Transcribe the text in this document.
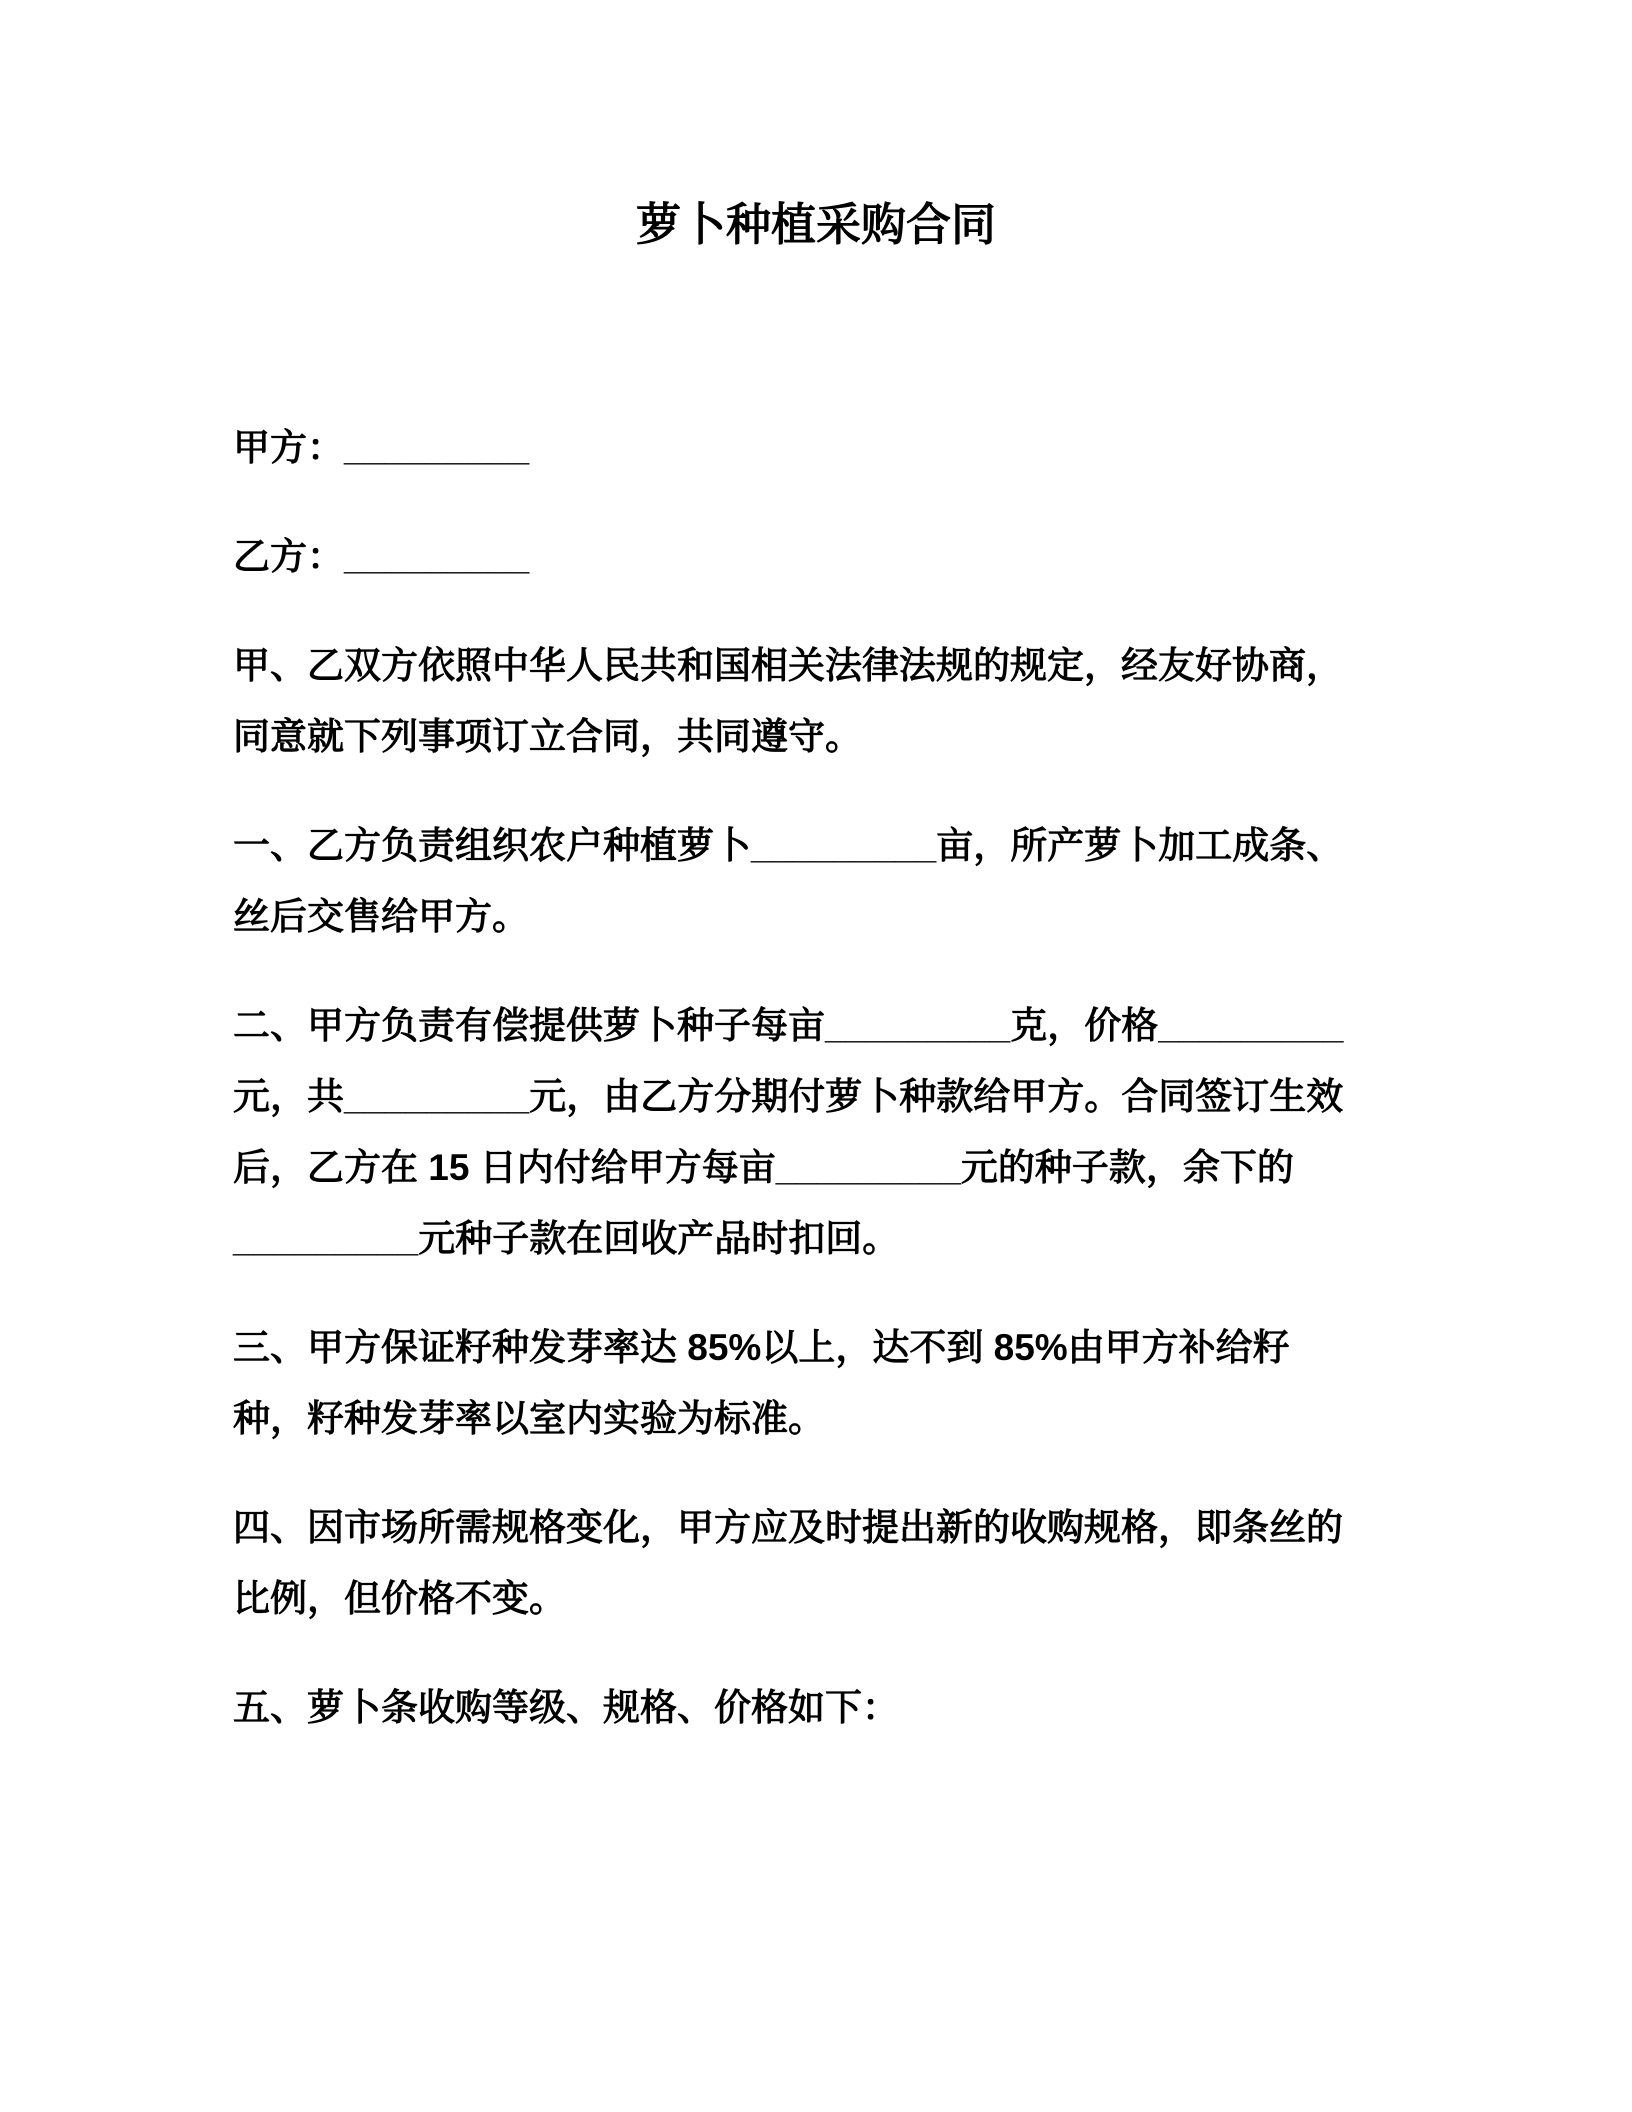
萝卜种植采购合同

甲方：_________

乙方：_________

甲、乙双方依照中华人民共和国相关法律法规的规定，经友好协商，同意就下列事项订立合同，共同遵守。

一、乙方负责组织农户种植萝卜_________亩，所产萝卜加工成条、丝后交售给甲方。

二、甲方负责有偿提供萝卜种子每亩_________克，价格_________元，共_________元，由乙方分期付萝卜种款给甲方。合同签订生效后，乙方在 15 日内付给甲方每亩_________元的种子款，余下的_________元种子款在回收产品时扣回。

三、甲方保证籽种发芽率达 85%以上，达不到 85%由甲方补给籽种，籽种发芽率以室内实验为标准。

四、因市场所需规格变化，甲方应及时提出新的收购规格，即条丝的比例，但价格不变。

五、萝卜条收购等级、规格、价格如下：
